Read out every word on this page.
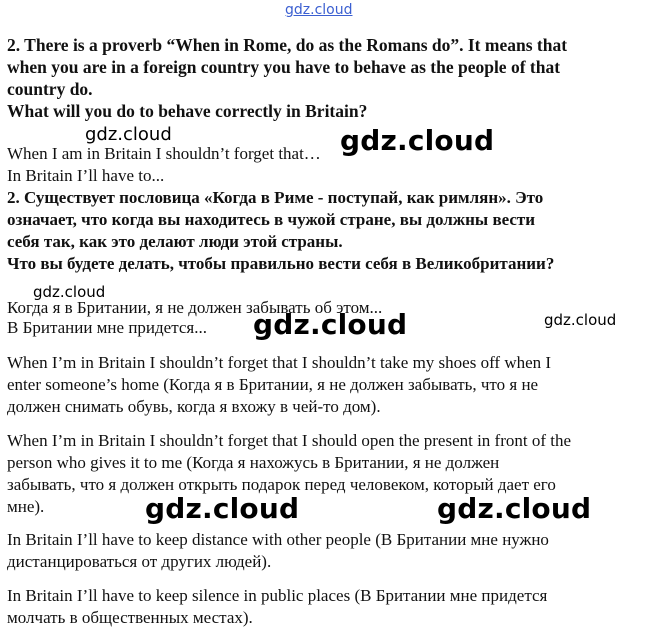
gdz.cloud
2. There is a proverb “When in Rome, do as the Romans do”. It means that
when you are in a foreign country you have to behave as the people of that
country do.
What will you do to behave correctly in Britain?
gdz.cloud	gdz.cloud
When I am in Britain I shouldn’t forget that…
In Britain I’ll have to...
2. Существует пословица «Когда в Риме - поступай, как римлян». Это
означает, что когда вы находитесь в чужой стране, вы должны вести
себя так, как это делают люди этой страны.
Что вы будете делать, чтобы правильно вести себя в Великобритании?
gdz.cloud
Когда я в Британии, я не должен забывать об этом...
В Британии мне придется... gdz.cloud	gdz.cloud
When I’m in Britain I shouldn’t forget that I shouldn’t take my shoes off when I
enter someone’s home (Когда я в Британии, я не должен забывать, что я не
должен снимать обувь, когда я вхожу в чей-то дом).
When I’m in Britain I shouldn’t forget that I should open the present in front of the
person who gives it to me (Когда я нахожусь в Британии, я не должен
забывать, что я должен открыть подарок перед человеком, который дает его
мне).	gdz.cloud	gdz.cloud
In Britain I’ll have to keep distance with other people (В Британии мне нужно
дистанцироваться от других людей).
In Britain I’ll have to keep silence in public places (В Британии мне придется
молчать в общественных местах).
